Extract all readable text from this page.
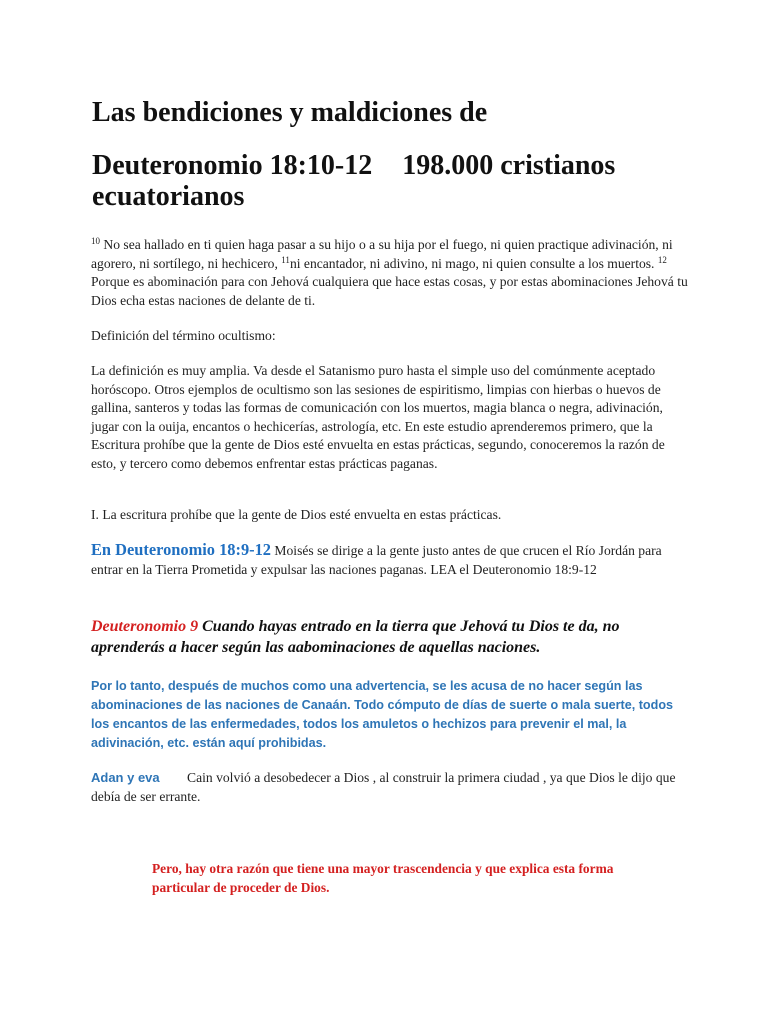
Las bendiciones y maldiciones de
Deuteronomio 18:10-12 198.000 cristianos ecuatorianos
$^{10}$ No sea hallado en ti quien haga pasar a su hijo o a su hija por el fuego, ni quien practique adivinación, ni agorero, ni sortílego, ni hechicero, $^{11}$ni encantador, ni adivino, ni mago, ni quien consulte a los muertos. $^{12}$ Porque es abominación para con Jehová cualquiera que hace estas cosas, y por estas abominaciones Jehová tu Dios echa estas naciones de delante de ti.
Definición del término ocultismo:
La definición es muy amplia. Va desde el Satanismo puro hasta el simple uso del comúnmente aceptado horóscopo. Otros ejemplos de ocultismo son las sesiones de espiritismo, limpias con hierbas o huevos de gallina, santeros y todas las formas de comunicación con los muertos, magia blanca o negra, adivinación, jugar con la ouija, encantos o hechicerías, astrología, etc. En este estudio aprenderemos primero, que la Escritura prohíbe que la gente de Dios esté envuelta en estas prácticas, segundo, conoceremos la razón de esto, y tercero como debemos enfrentar estas prácticas paganas.
I. La escritura prohíbe que la gente de Dios esté envuelta en estas prácticas.
En Deuteronomio 18:9-12 Moisés se dirige a la gente justo antes de que crucen el Río Jordán para entrar en la Tierra Prometida y expulsar las naciones paganas. LEA el Deuteronomio 18:9-12
Deuteronomio 9 Cuando hayas entrado en la tierra que Jehová tu Dios te da, no aprenderás a hacer según las aabominaciones de aquellas naciones.
Por lo tanto, después de muchos como una advertencia, se les acusa de no hacer según las abominaciones de las naciones de Canaán. Todo cómputo de días de suerte o mala suerte, todos los encantos de las enfermedades, todos los amuletos o hechizos para prevenir el mal, la adivinación, etc. están aquí prohibidas.
Adan y eva Cain volvió a desobedecer a Dios , al construir la primera ciudad , ya que Dios le dijo que debía de ser errante.
Pero, hay otra razón que tiene una mayor trascendencia y que explica esta forma particular de proceder de Dios.
